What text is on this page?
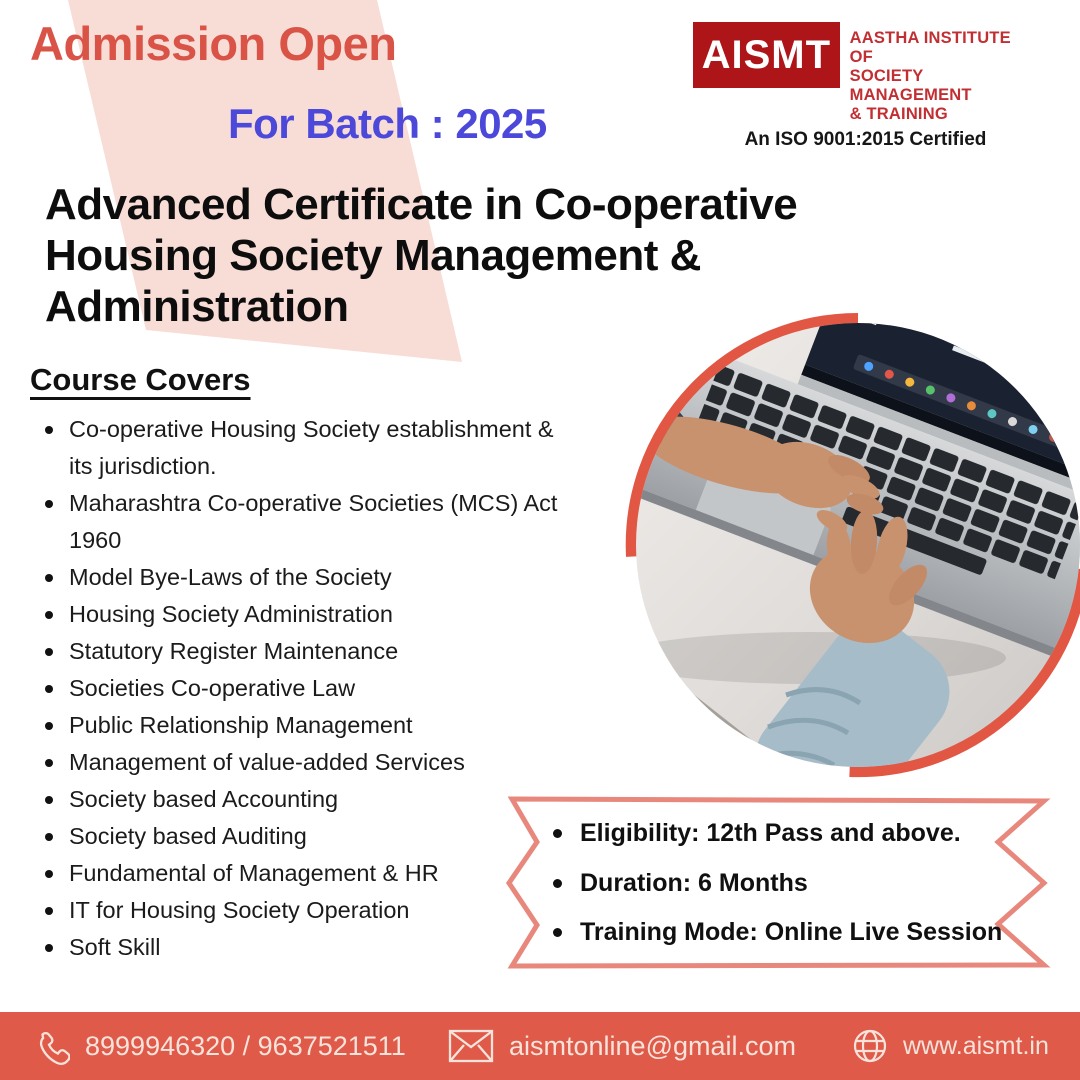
Admission Open
For Batch : 2025
AISMT	AASTHA INSTITUTE OF
SOCIETY MANAGEMENT
& TRAINING
An ISO 9001:2015 Certified
Advanced Certificate in Co-operative
Housing Society Management &
Administration
Course Covers
Co-operative Housing Society establishment & its jurisdiction.
Maharashtra Co-operative Societies (MCS) Act 1960
Model Bye-Laws of the Society
Housing Society Administration
Statutory Register Maintenance
Societies Co-operative Law
Public Relationship Management
Management of value-added Services
Society based Accounting
Society based Auditing
Fundamental of Management & HR
IT for Housing Society Operation
Soft Skill
Eligibility: 12th Pass and above.
Duration: 6 Months
Training Mode: Online Live Session
8999946320 / 9637521511	aismtonline@gmail.com	www.aismt.in
